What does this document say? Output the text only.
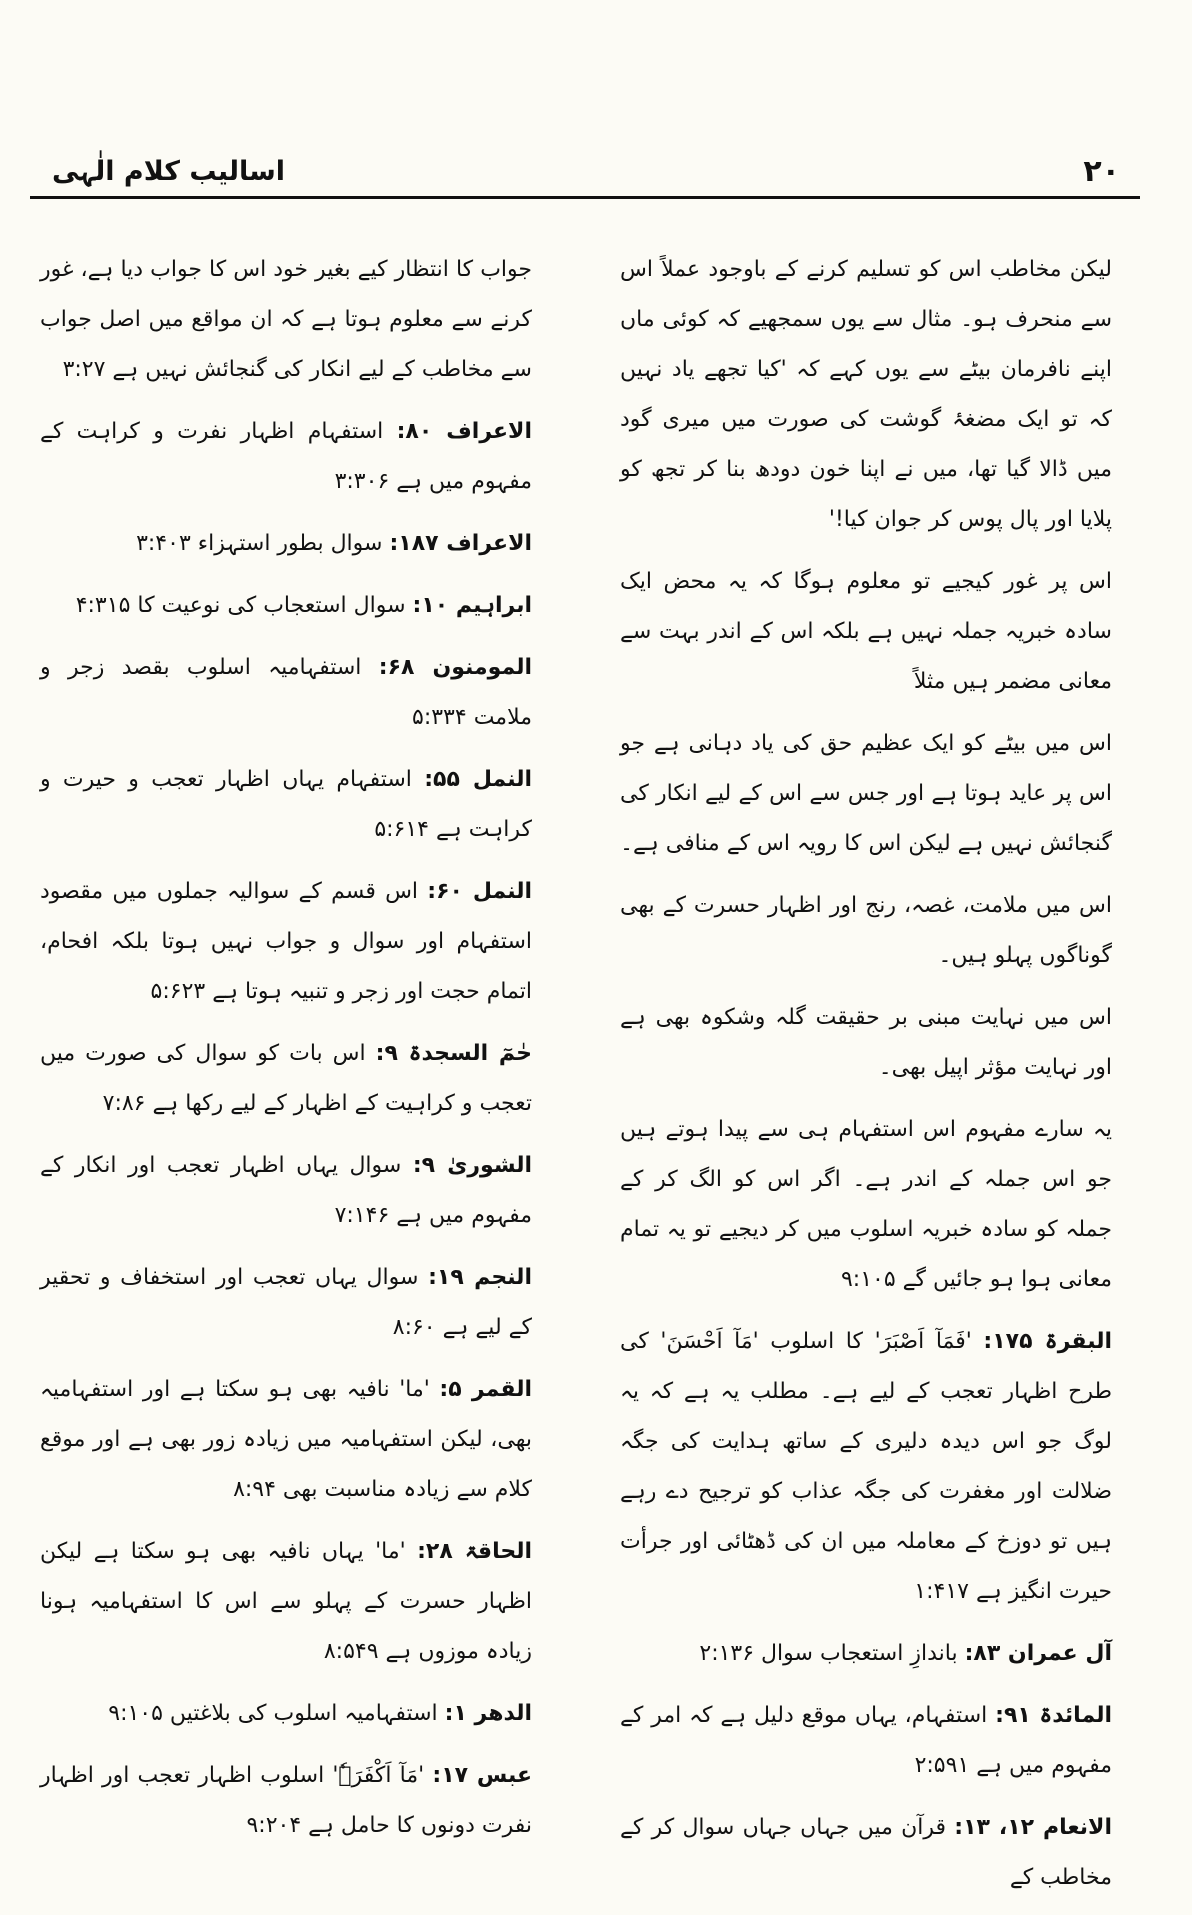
۲۰
اسالیب کلام الٰہی

لیکن مخاطب اس کو تسلیم کرنے کے باوجود عملاً اس سے منحرف ہو۔ مثال سے یوں سمجھیے کہ کوئی ماں اپنے نافرمان بیٹے سے یوں کہے کہ 'کیا تجھے یاد نہیں کہ تو ایک مضغۂ گوشت کی صورت میں میری گود میں ڈالا گیا تھا، میں نے اپنا خون دودھ بنا کر تجھ کو پلایا اور پال پوس کر جوان کیا!'

اس پر غور کیجیے تو معلوم ہوگا کہ یہ محض ایک سادہ خبریہ جملہ نہیں ہے بلکہ اس کے اندر بہت سے معانی مضمر ہیں مثلاً

اس میں بیٹے کو ایک عظیم حق کی یاد دہانی ہے جو اس پر عاید ہوتا ہے اور جس سے اس کے لیے انکار کی گنجائش نہیں ہے لیکن اس کا رویہ اس کے منافی ہے۔

اس میں ملامت، غصہ، رنج اور اظہار حسرت کے بھی گوناگوں پہلو ہیں۔

اس میں نہایت مبنی بر حقیقت گلہ وشکوہ بھی ہے اور نہایت مؤثر اپیل بھی۔

یہ سارے مفہوم اس استفہام ہی سے پیدا ہوتے ہیں جو اس جملہ کے اندر ہے۔ اگر اس کو الگ کر کے جملہ کو سادہ خبریہ اسلوب میں کر دیجیے تو یہ تمام معانی ہوا ہو جائیں گے ۹:۱۰۵

البقرۃ ۱۷۵: 'فَمَآ اَصْبَرَ' کا اسلوب 'مَآ اَحْسَنَ' کی طرح اظہار تعجب کے لیے ہے۔ مطلب یہ ہے کہ یہ لوگ جو اس دیدہ دلیری کے ساتھ ہدایت کی جگہ ضلالت اور مغفرت کی جگہ عذاب کو ترجیح دے رہے ہیں تو دوزخ کے معاملہ میں ان کی ڈھٹائی اور جرأت حیرت انگیز ہے ۱:۴۱۷

آل عمران ۸۳: باندازِ استعجاب سوال ۲:۱۳۶

المائدۃ ۹۱: استفہام، یہاں موقع دلیل ہے کہ امر کے مفہوم میں ہے ۲:۵۹۱

الانعام ۱۲، ۱۳: قرآن میں جہاں جہاں سوال کر کے مخاطب کے

جواب کا انتظار کیے بغیر خود اس کا جواب دیا ہے، غور کرنے سے معلوم ہوتا ہے کہ ان مواقع میں اصل جواب سے مخاطب کے لیے انکار کی گنجائش نہیں ہے ۳:۲۷

الاعراف ۸۰: استفہام اظہار نفرت و کراہت کے مفہوم میں ہے ۳:۳۰۶

الاعراف ۱۸۷: سوال بطور استہزاء ۳:۴۰۳

ابراہیم ۱۰: سوال استعجاب کی نوعیت کا ۴:۳۱۵

المومنون ۶۸: استفہامیہ اسلوب بقصد زجر و ملامت ۵:۳۳۴

النمل ۵۵: استفہام یہاں اظہار تعجب و حیرت و کراہت ہے ۵:۶۱۴

النمل ۶۰: اس قسم کے سوالیہ جملوں میں مقصود استفہام اور سوال و جواب نہیں ہوتا بلکہ افحام، اتمام حجت اور زجر و تنبیہ ہوتا ہے ۵:۶۲۳

حٰمٓ السجدۃ ۹: اس بات کو سوال کی صورت میں تعجب و کراہیت کے اظہار کے لیے رکھا ہے ۷:۸۶

الشوریٰ ۹: سوال یہاں اظہار تعجب اور انکار کے مفہوم میں ہے ۷:۱۴۶

النجم ۱۹: سوال یہاں تعجب اور استخفاف و تحقیر کے لیے ہے ۸:۶۰

القمر ۵: 'ما' نافیہ بھی ہو سکتا ہے اور استفہامیہ بھی، لیکن استفہامیہ میں زیادہ زور بھی ہے اور موقع کلام سے زیادہ مناسبت بھی ۸:۹۴

الحاقۃ ۲۸: 'ما' یہاں نافیہ بھی ہو سکتا ہے لیکن اظہار حسرت کے پہلو سے اس کا استفہامیہ ہونا زیادہ موزوں ہے ۸:۵۴۹

الدھر ۱: استفہامیہ اسلوب کی بلاغتیں ۹:۱۰۵

عبس ۱۷: 'مَآ اَکْفَرَہٗ' اسلوب اظہار تعجب اور اظہار نفرت دونوں کا حامل ہے ۹:۲۰۴
